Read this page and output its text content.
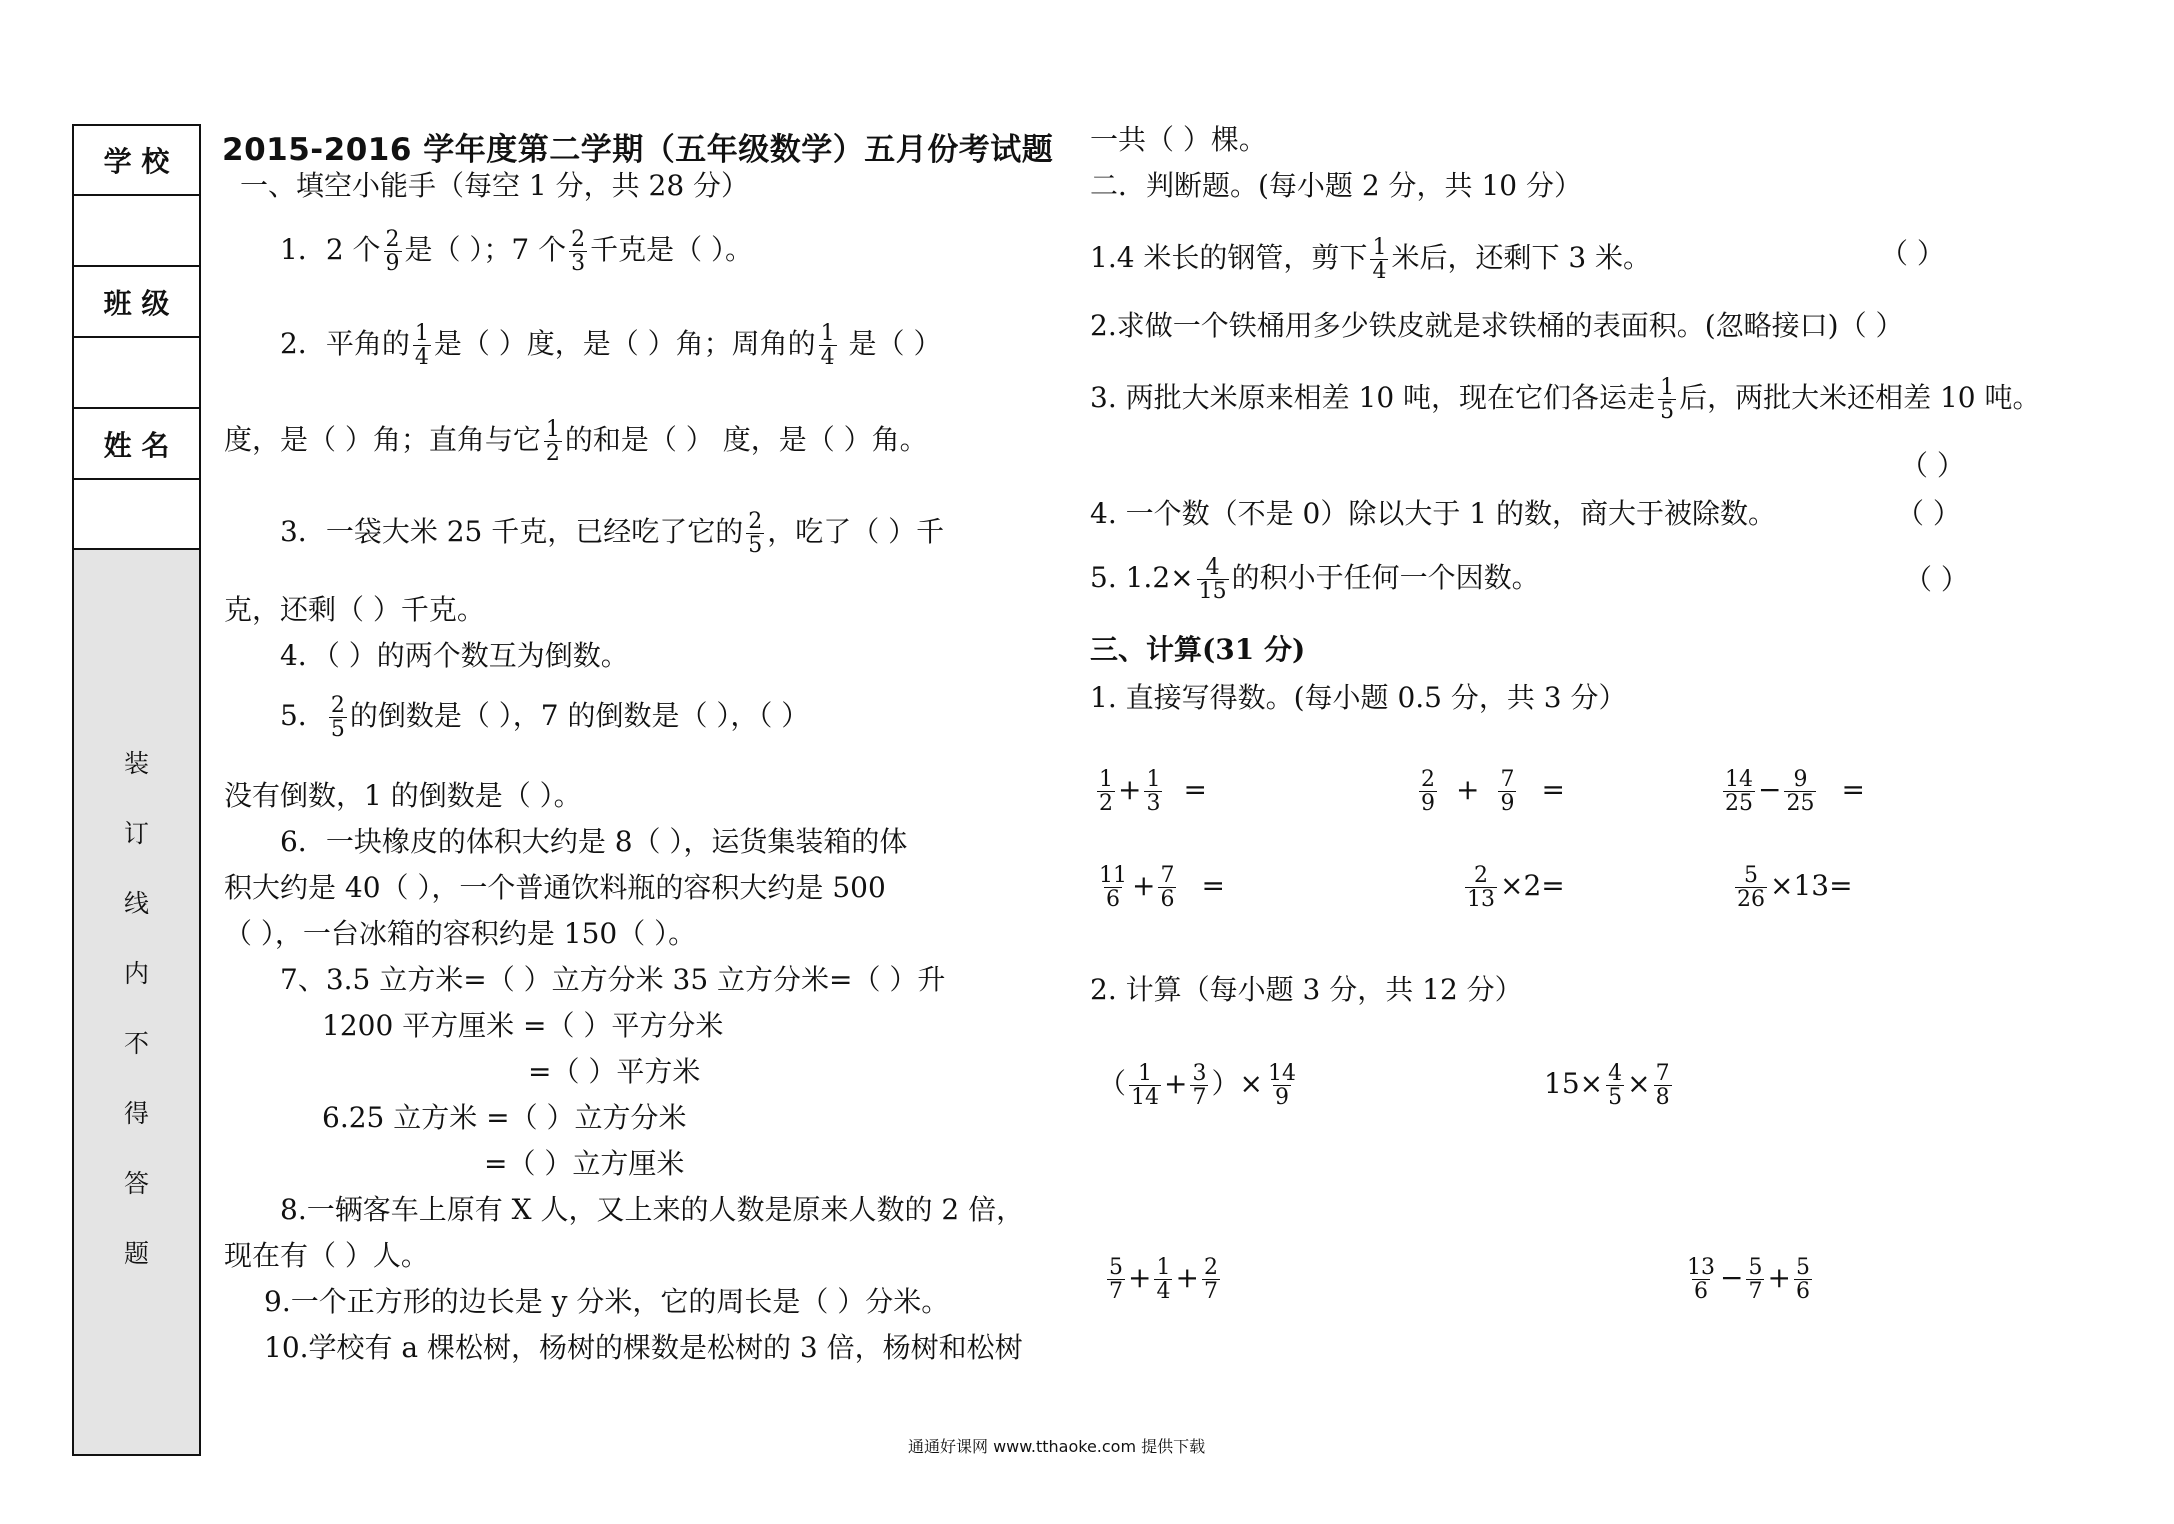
学 校
班 级
姓 名
装
订
线
内
不
得
答
题
2015-2016 学年度第二学期（五年级数学）五月份考试题
一、填空小能手（每空 1 分，共 28 分）
1．2 个 $\frac{2}{9}$ 是（ ）；7 个 $\frac{2}{3}$ 千克是（ ）。
2．平角的 $\frac{1}{4}$ 是（ ）度，是（ ）角；周角的 $\frac{1}{4}$ 是（ ）
度，是（ ）角；直角与它 $\frac{1}{2}$ 的和是（ ） 度，是（ ）角。
3．一袋大米 25 千克，已经吃了它的 $\frac{2}{5}$ ，吃了（ ）千
克，还剩（ ）千克。
4．（ ）的两个数互为倒数。
5． $\frac{2}{5}$ 的倒数是（ ），7 的倒数是（ ），（ ）
没有倒数，1 的倒数是（ ）。
6．一块橡皮的体积大约是 8（ ），运货集装箱的体
积大约是 40（ ），一个普通饮料瓶的容积大约是 500
（ ），一台冰箱的容积约是 150（ ）。
7、3.5 立方米=（ ）立方分米 35 立方分米=（ ）升
1200 平方厘米 =（ ）平方分米
=（ ）平方米
6.25 立方米 =（ ）立方分米
=（ ）立方厘米
8.一辆客车上原有 X 人，又上来的人数是原来人数的 2 倍，
现在有（ ）人。
9.一个正方形的边长是 y 分米，它的周长是（ ）分米。
10.学校有 a 棵松树，杨树的棵数是松树的 3 倍，杨树和松树
一共（ ）棵。
二．判断题。(每小题 2 分，共 10 分）
1.4 米长的钢管，剪下 $\frac{1}{4}$ 米后，还剩下 3 米。	（ ）
2.求做一个铁桶用多少铁皮就是求铁桶的表面积。(忽略接口)（ ）
3. 两批大米原来相差 10 吨，现在它们各运走 $\frac{1}{5}$ 后，两批大米还相差 10 吨。
（ ）
4. 一个数（不是 0）除以大于 1 的数，商大于被除数。	（ ）
5. $1.2\times \frac{4}{15}$ 的积小于任何一个因数。	（ ）
三、计算(31 分)
1. 直接写得数。(每小题 0.5 分，共 3 分）
$\frac{1}{2} + \frac{1}{3}$ =	$\frac{2}{9} + \frac{7}{9}$ =	$\frac{14}{25} - \frac{9}{25}$ =
$\frac{11}{6} + \frac{7}{6}$ =	$\frac{2}{13} \times 2=$	$\frac{5}{26} \times 13=$
2. 计算（每小题 3 分，共 12 分）
（ $\frac{1}{14} + \frac{3}{7}$ ）× $\frac{14}{9}$	$15\times \frac{4}{5} \times \frac{7}{8}$
$\frac{5}{7} + \frac{1}{4} + \frac{2}{7}$	$\frac{13}{6} - \frac{5}{7} + \frac{5}{6}$
通通好课网 www.tthaoke.com 提供下载
